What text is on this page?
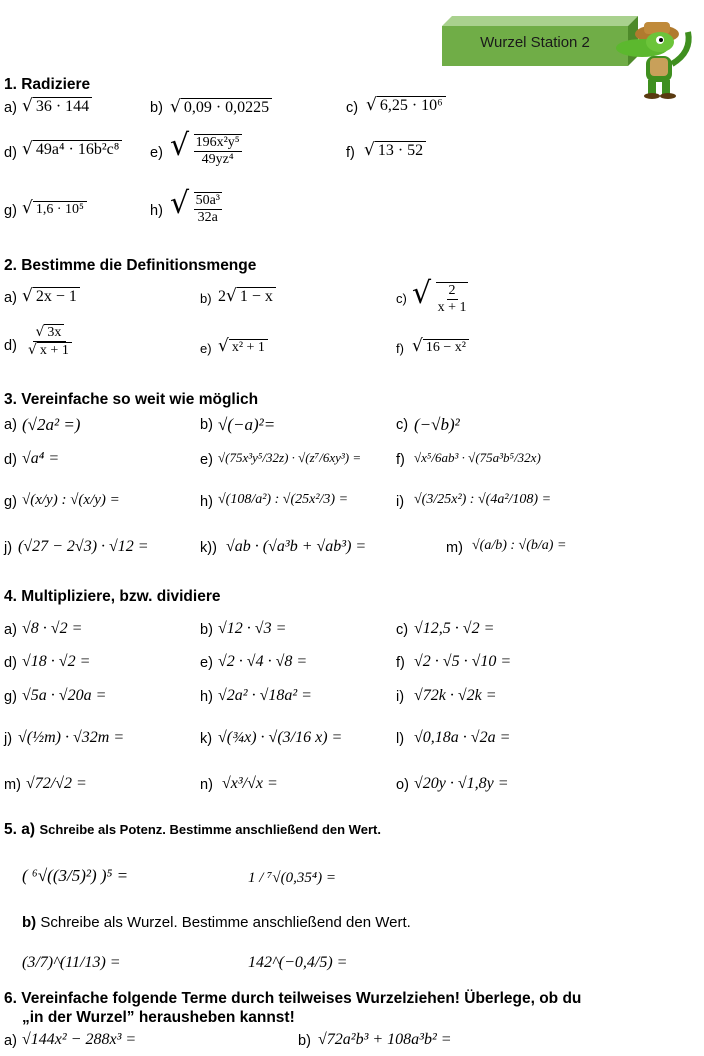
Wurzel Station 2
1. Radiziere
a) √ 36 · 144	b) √ 0,09 · 0,0225	c) √ 6,25 · 10⁶
d) √ 49a⁴ · 16b²c⁸ e) √ $\frac{\text{196x²y⁵}}{\text{49yz⁴}}$	f) √ 13 · 52
g) √ 1,6 · 10⁵	h) √ $\frac{\text{50a³}}{32a}$
2. Bestimme die Definitionsmenge
a) √ 2x − 1	b) 2√ 1 − x	c) √ $\frac{2}{x + 1}$
$d) \frac{√ 3x}{√ x + 1}$	e) √ x² + 1	f) √ 16 − x²
3. Vereinfache so weit wie möglich
a) (√2a² =)	b) √(−a)²=	c) (−√b)²
d) √a⁴ =	e) √(75x³y⁵/32z) · √(z⁷/6xy³) = f) √x⁵/6ab³ · √(75a³b⁵/32x)
g) √(x/y) : √(x/y) =	h) √(108/a²) : √(25x²/3) =	i) √(3/25x²) : √(4a²/108) =
j) (√27 − 2√3) · √12 =	k)) √ab · (√a³b + √ab³) =	m) √(a/b) : √(b/a) =
4. Multipliziere, bzw. dividiere
a) √8 · √2 =	b) √12 · √3 =	c) √12,5 · √2 =
d) √18 · √2 =	e) √2 · √4 · √8 =	f) √2 · √5 · √10 =
g) √5a · √20a =	h) √2a² · √18a² =	i) √72k · √2k =
j) √(½m) · √32m =	k) √(¾x) · √(3/16 x) =	l) √0,18a · √2a =
m) √72/√2 =	n) √x³/√x =	o) √20y · √1,8y =
5. a) Schreibe als Potenz. Bestimme anschließend den Wert.
( ⁶√((3/5)²) )⁵ =	1 / ⁷√(0,35⁴) =
b) Schreibe als Wurzel. Bestimme anschließend den Wert.
(3/7)^(11/13) =	142^(−0,4/5) =
6. Vereinfache folgende Terme durch teilweises Wurzelziehen! Überlege, ob du
„in der Wurzel” herausheben kannst!
a) √144x² − 288x³ =	b) √72a²b³ + 108a³b² =
